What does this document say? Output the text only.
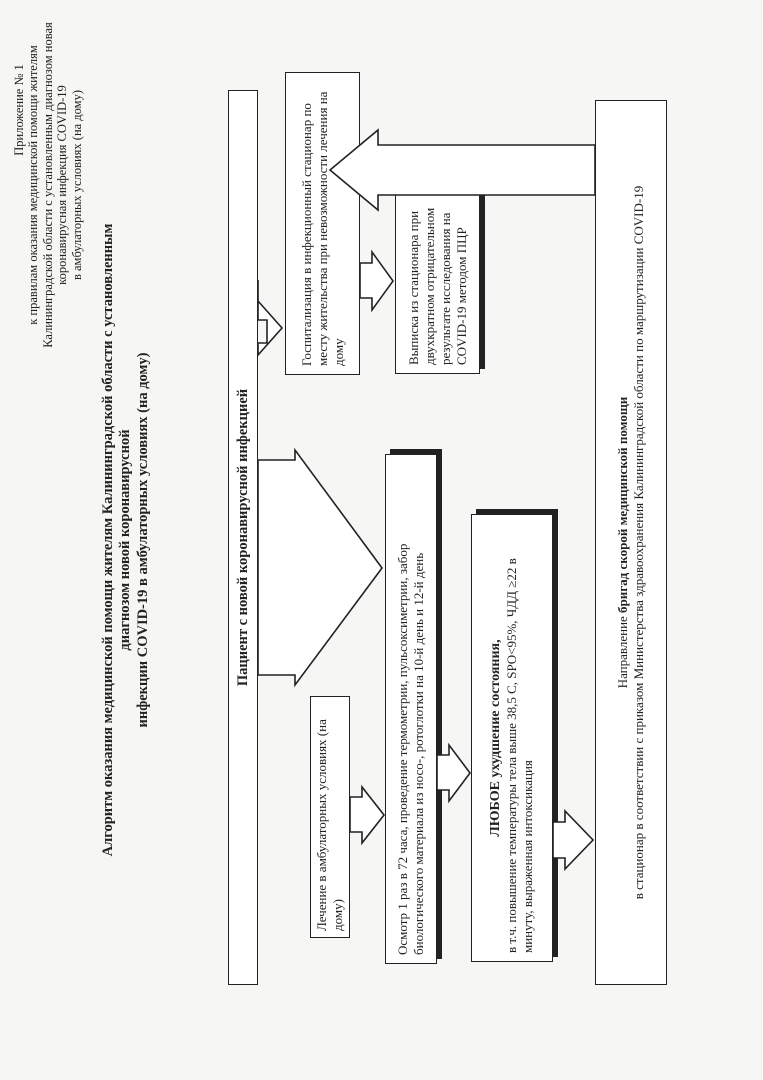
Приложение № 1 к правилам оказания медицинской помощи жителям Калининградской области с установленным диагнозом новая коронавирусная инфекция COVID-19 в амбулаторных условиях (на дому)
Алгоритм оказания медицинской помощи жителям Калининградской области с установленным диагнозом новой коронавирусной инфекции COVID-19 в амбулаторных условиях (на дому)	Пациент с новой коронавирусной инфекцией
Госпитализация в инфекционный стационар по месту жительства при невозможности лечения на дому	Выписка из стационара при двухкратном отрицательном результате исследования на COVID-19 методом ПЦР
Лечение в амбулаторных условиях (на дому)	Осмотр 1 раз в 72 часа, проведение термометрии, пульсоксиметрии, забор биологического материала из носо-, ротоглотки на 10-й день и 12-й день	ЛЮБОЕ ухудшение состояния, в т.ч. повышение температуры тела выше 38,5 С, SPO<95%, ЧДД ≥22 в минуту, выраженная интоксикация
Направление бригад скорой медицинской помощи в стационар в соответствии с приказом Министерства здравоохранения Калининградской области по маршрутизации COVID-19
